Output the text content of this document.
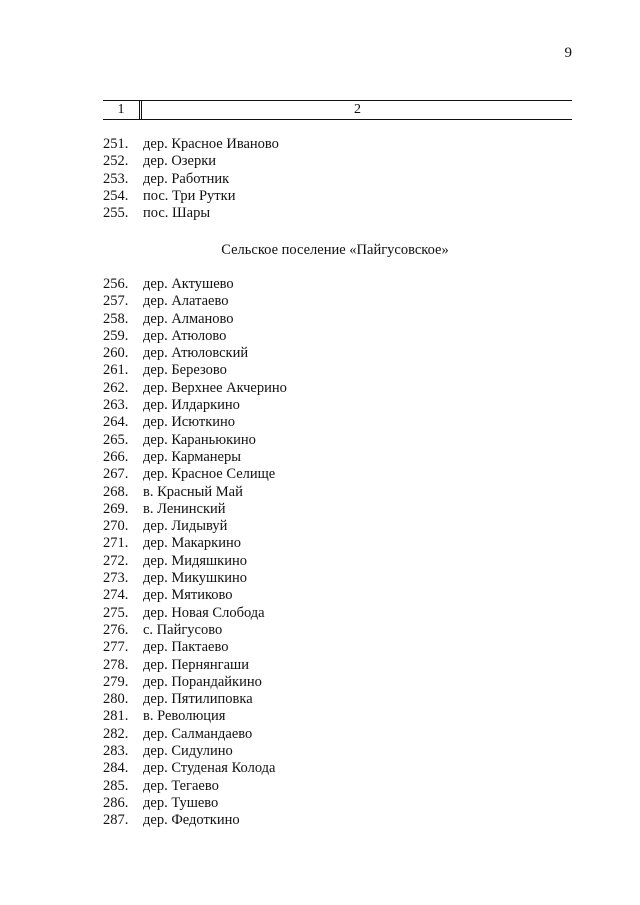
9
1	2
251. дер. Красное Иваново
252. дер. Озерки
253. дер. Работник
254. пос. Три Рутки
255. пос. Шары
Сельское поселение «Пайгусовское»
256. дер. Актушево
257. дер. Алатаево
258. дер. Алманово
259. дер. Атюлово
260. дер. Атюловский
261. дер. Березово
262. дер. Верхнее Акчерино
263. дер. Илдаркино
264. дер. Исюткино
265. дер. Караньюкино
266. дер. Карманеры
267. дер. Красное Селище
268. в. Красный Май
269. в. Ленинский
270. дер. Лидывуй
271. дер. Макаркино
272. дер. Мидяшкино
273. дер. Микушкино
274. дер. Мятиково
275. дер. Новая Слобода
276. с. Пайгусово
277. дер. Пактаево
278. дер. Пернянгаши
279. дер. Порандайкино
280. дер. Пятилиповка
281. в. Революция
282. дер. Салмандаево
283. дер. Сидулино
284. дер. Студеная Колода
285. дер. Тегаево
286. дер. Тушево
287. дер. Федоткино
